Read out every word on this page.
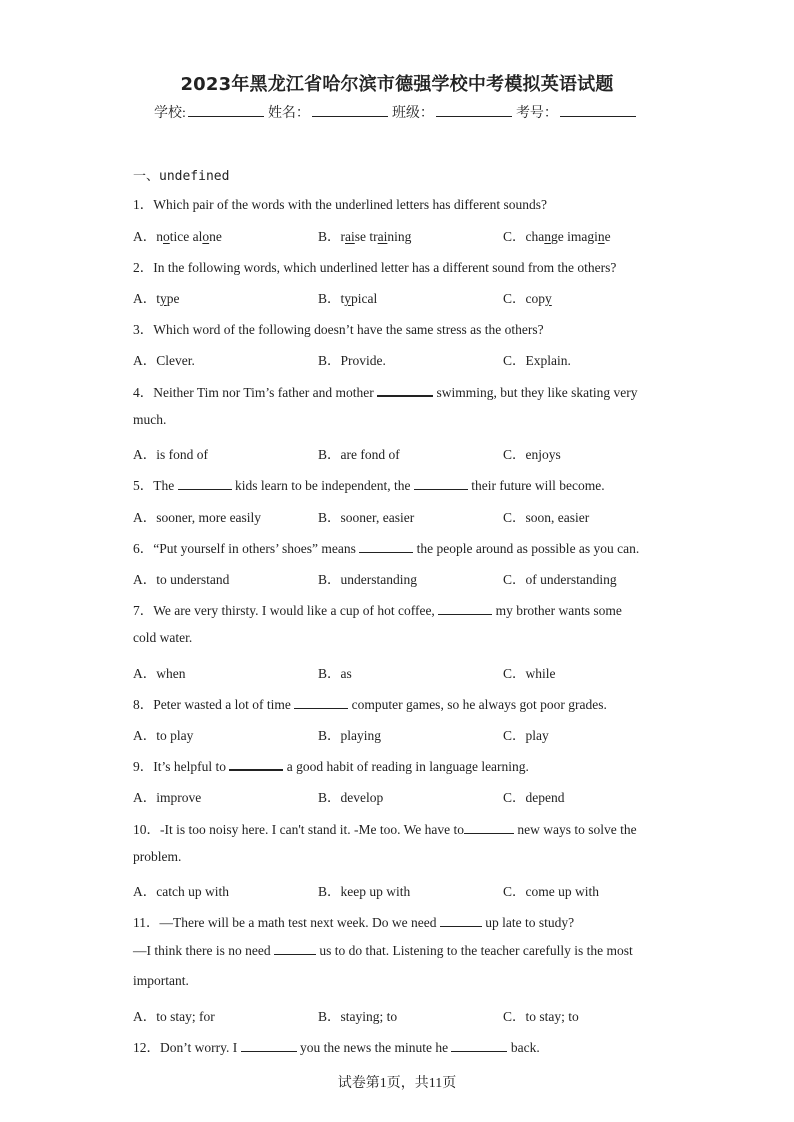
2023年黑龙江省哈尔滨市德强学校中考模拟英语试题
学校:	姓名：	班级：	考号：
一、undefined
1．Which pair of the words with the underlined letters has different sounds?
A．notice alone	B．raise training	C．change imagine
2．In the following words, which underlined letter has a different sound from the others?
A．type	B．typical	C．copy
3．Which word of the following doesn’t have the same stress as the others?
A．Clever.	B．Provide.	C．Explain.
4．Neither Tim nor Tim’s father and mother	swimming, but they like skating very
much.
A．is fond of	B．are fond of	C．enjoys
5．The	kids learn to be independent, the	their future will become.
A．sooner, more easily	B．sooner, easier	C．soon, easier
6．“Put yourself in others’ shoes” means	the people around as possible as you can.
A．to understand	B．understanding	C．of understanding
7．We are very thirsty. I would like a cup of hot coffee,	my brother wants some
cold water.
A．when	B．as	C．while
8．Peter wasted a lot of time	computer games, so he always got poor grades.
A．to play	B．playing	C．play
9．It’s helpful to	a good habit of reading in language learning.
A．improve	B．develop	C．depend
10．-It is too noisy here. I can't stand it. -Me too. We have to	new ways to solve the
problem.
A．catch up with	B．keep up with	C．come up with
11．—There will be a math test next week. Do we need	up late to study?
—I think there is no need	us to do that. Listening to the teacher carefully is the most
important.
A．to stay; for	B．staying; to	C．to stay; to
12．Don’t worry. I	you the news the minute he	back.
试卷第1页，共11页
